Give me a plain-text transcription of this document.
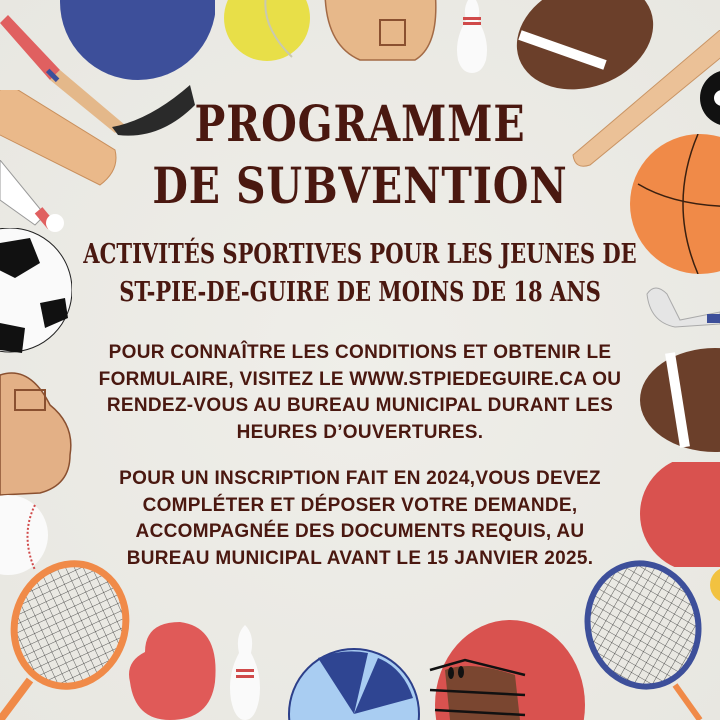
PROGRAMME
DE SUBVENTION
ACTIVITÉS SPORTIVES POUR LES JEUNES DE
ST-PIE-DE-GUIRE DE MOINS DE 18 ANS
POUR CONNAÎTRE LES CONDITIONS ET OBTENIR LE
FORMULAIRE, VISITEZ LE WWW.STPIEDEGUIRE.CA OU
RENDEZ-VOUS AU BUREAU MUNICIPAL DURANT LES
HEURES D’OUVERTURES.
POUR UN INSCRIPTION FAIT EN 2024,VOUS DEVEZ
COMPLÉTER ET DÉPOSER VOTRE DEMANDE,
ACCOMPAGNÉE DES DOCUMENTS REQUIS, AU
BUREAU MUNICIPAL AVANT LE 15 JANVIER 2025.
